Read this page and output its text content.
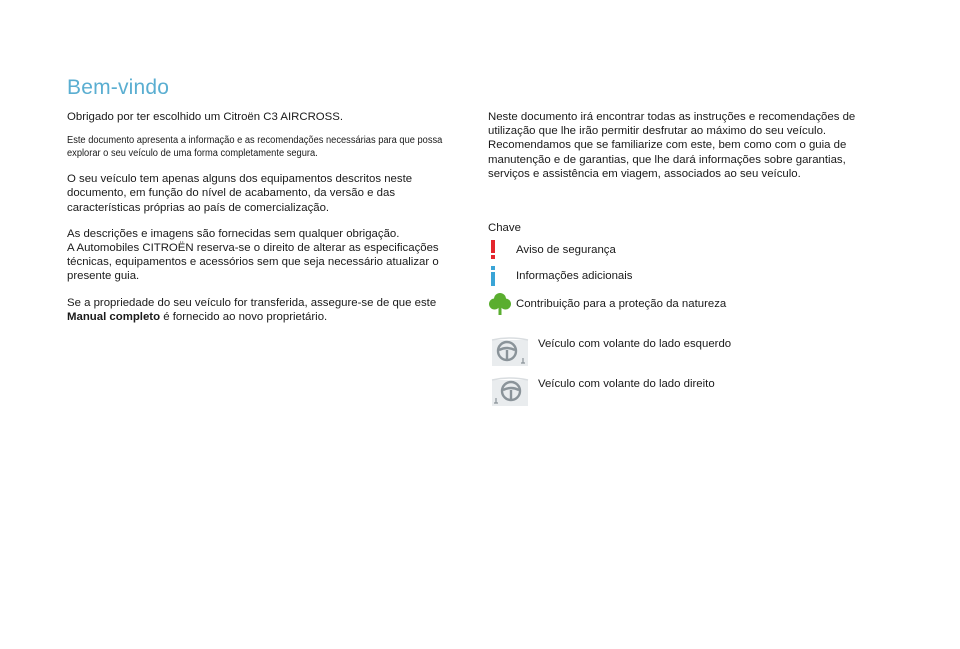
Bem-vindo

Obrigado por ter escolhido um Citroën C3 AIRCROSS.

Este documento apresenta a informação e as recomendações necessárias para que possa explorar o seu veículo de uma forma completamente segura.

O seu veículo tem apenas alguns dos equipamentos descritos neste documento, em função do nível de acabamento, da versão e das características próprias ao país de comercialização.

As descrições e imagens são fornecidas sem qualquer obrigação.
A Automobiles CITROËN reserva-se o direito de alterar as especificações técnicas, equipamentos e acessórios sem que seja necessário atualizar o presente guia.

Se a propriedade do seu veículo for transferida, assegure-se de que este Manual completo é fornecido ao novo proprietário.

Neste documento irá encontrar todas as instruções e recomendações de utilização que lhe irão permitir desfrutar ao máximo do seu veículo. Recomendamos que se familiarize com este, bem como com o guia de manutenção e de garantias, que lhe dará informações sobre garantias, serviços e assistência em viagem, associados ao seu veículo.

Chave
Aviso de segurança
Informações adicionais
Contribuição para a proteção da natureza
Veículo com volante do lado esquerdo
Veículo com volante do lado direito
